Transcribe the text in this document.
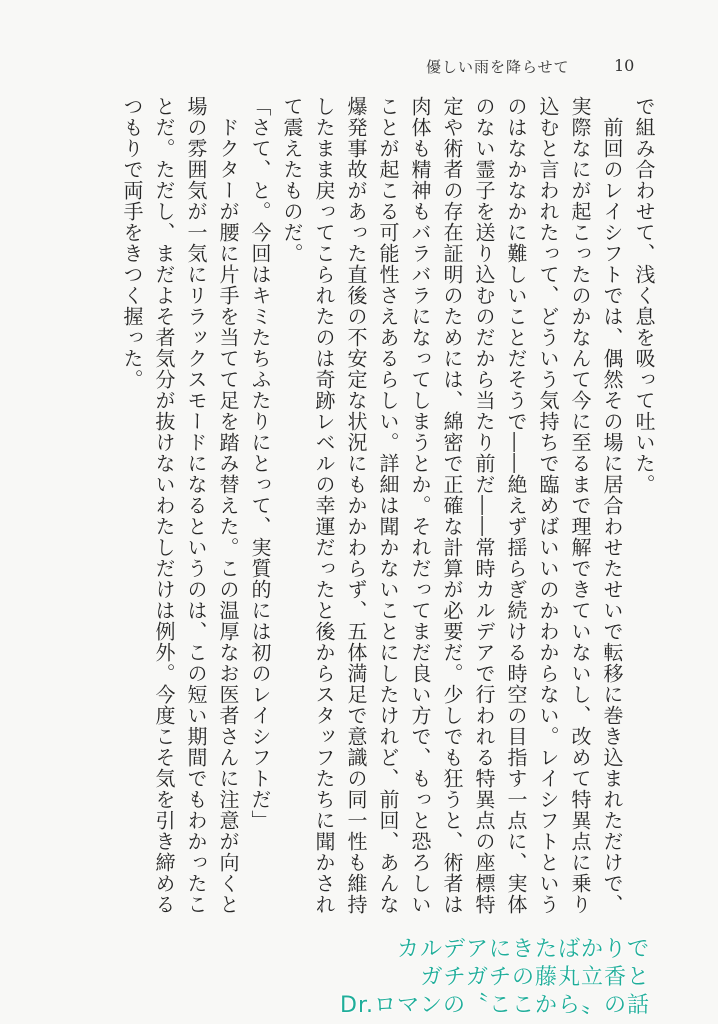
優しい雨を降らせて	10

で組み合わせて、浅く息を吸って吐いた。

　前回のレイシフトでは、偶然その場に居合わせたせいで転移に巻き込まれただけで、

実際なにが起こったのかなんて今に至るまで理解できていないし、改めて特異点に乗り

込むと言われたって、どういう気持ちで臨めばいいのかわからない。レイシフトという

のはなかなかに難しいことだそうで――絶えず揺らぎ続ける時空の目指す一点に、実体

のない霊子を送り込むのだから当たり前だ――常時カルデアで行われる特異点の座標特

定や術者の存在証明のためには、綿密で正確な計算が必要だ。少しでも狂うと、術者は

肉体も精神もバラバラになってしまうとか。それだってまだ良い方で、もっと恐ろしい

ことが起こる可能性さえあるらしい。詳細は聞かないことにしたけれど、前回、あんな

爆発事故があった直後の不安定な状況にもかかわらず、五体満足で意識の同一性も維持

したまま戻ってこられたのは奇跡レベルの幸運だったと後からスタッフたちに聞かされ

て震えたものだ。

「さて、と。今回はキミたちふたりにとって、実質的には初のレイシフトだ」

　ドクターが腰に片手を当てて足を踏み替えた。この温厚なお医者さんに注意が向くと

場の雰囲気が一気にリラックスモードになるというのは、この短い期間でもわかったこ

とだ。ただし、まだよそ者気分が抜けないわたしだけは例外。今度こそ気を引き締める

つもりで両手をきつく握った。

カルデアにきたばかりで
ガチガチの藤丸立香と
Dr.ロマンの〝ここから〟の話
